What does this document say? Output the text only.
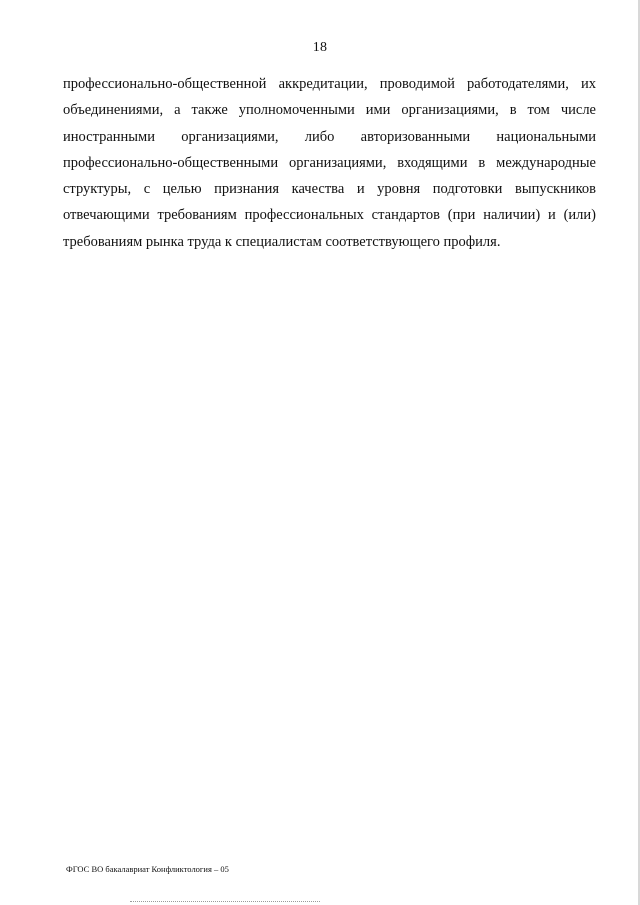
18
профессионально-общественной аккредитации, проводимой работодателями, их
объединениями, а также уполномоченными ими организациями, в том числе
иностранными организациями, либо авторизованными национальными
профессионально-общественными организациями, входящими в международные
структуры, с целью признания качества и уровня подготовки выпускников
отвечающими требованиям профессиональных стандартов (при наличии) и (или)
требованиям рынка труда к специалистам соответствующего профиля.
ФГОС ВО бакалавриат Конфликтология – 05
